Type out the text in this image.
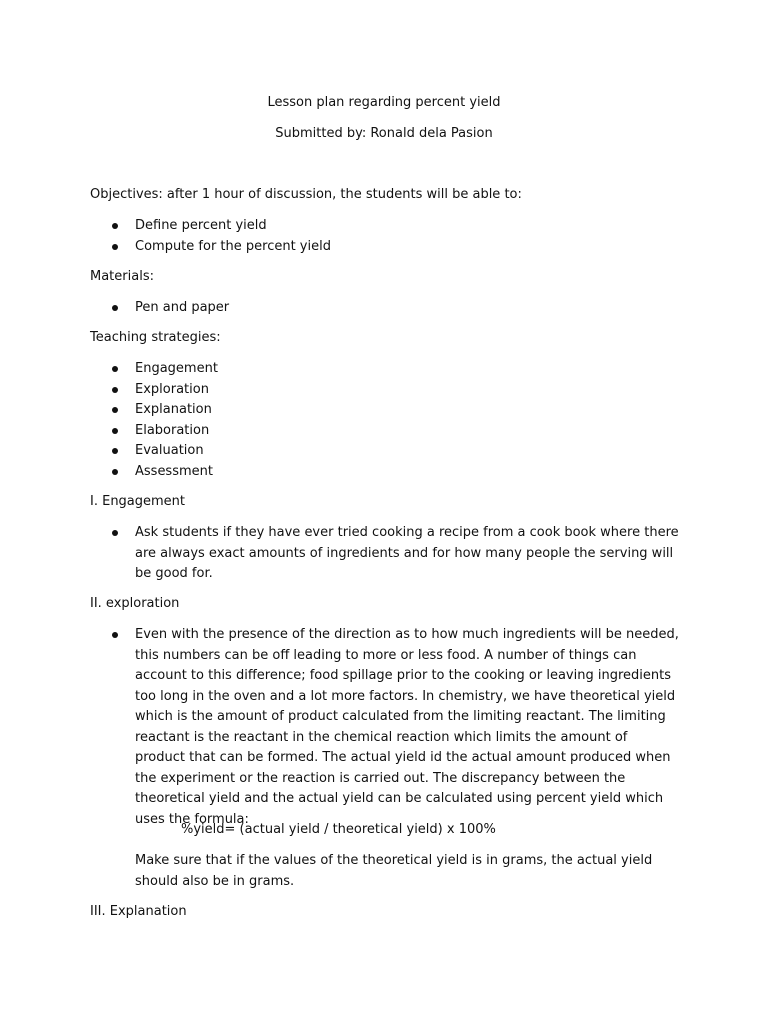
Lesson plan regarding percent yield
Submitted by: Ronald dela Pasion
Objectives: after 1 hour of discussion, the students will be able to:
Define percent yield
Compute for the percent yield
Materials:
Pen and paper
Teaching strategies:
Engagement
Exploration
Explanation
Elaboration
Evaluation
Assessment
I. Engagement
Ask students if they have ever tried cooking a recipe from a cook book where there are always exact amounts of ingredients and for how many people the serving will be good for.
II. exploration
Even with the presence of the direction as to how much ingredients will be needed, this numbers can be off leading to more or less food. A number of things can account to this difference; food spillage prior to the cooking or leaving ingredients too long in the oven and a lot more factors. In chemistry, we have theoretical yield which is the amount of product calculated from the limiting reactant. The limiting reactant is the reactant in the chemical reaction which limits the amount of product that can be formed. The actual yield id the actual amount produced when the experiment or the reaction is carried out. The discrepancy between the theoretical yield and the actual yield can be calculated using percent yield which uses the formula:
%yield= (actual yield / theoretical yield) x 100%
Make sure that if the values of the theoretical yield is in grams, the actual yield should also be in grams.
III. Explanation
